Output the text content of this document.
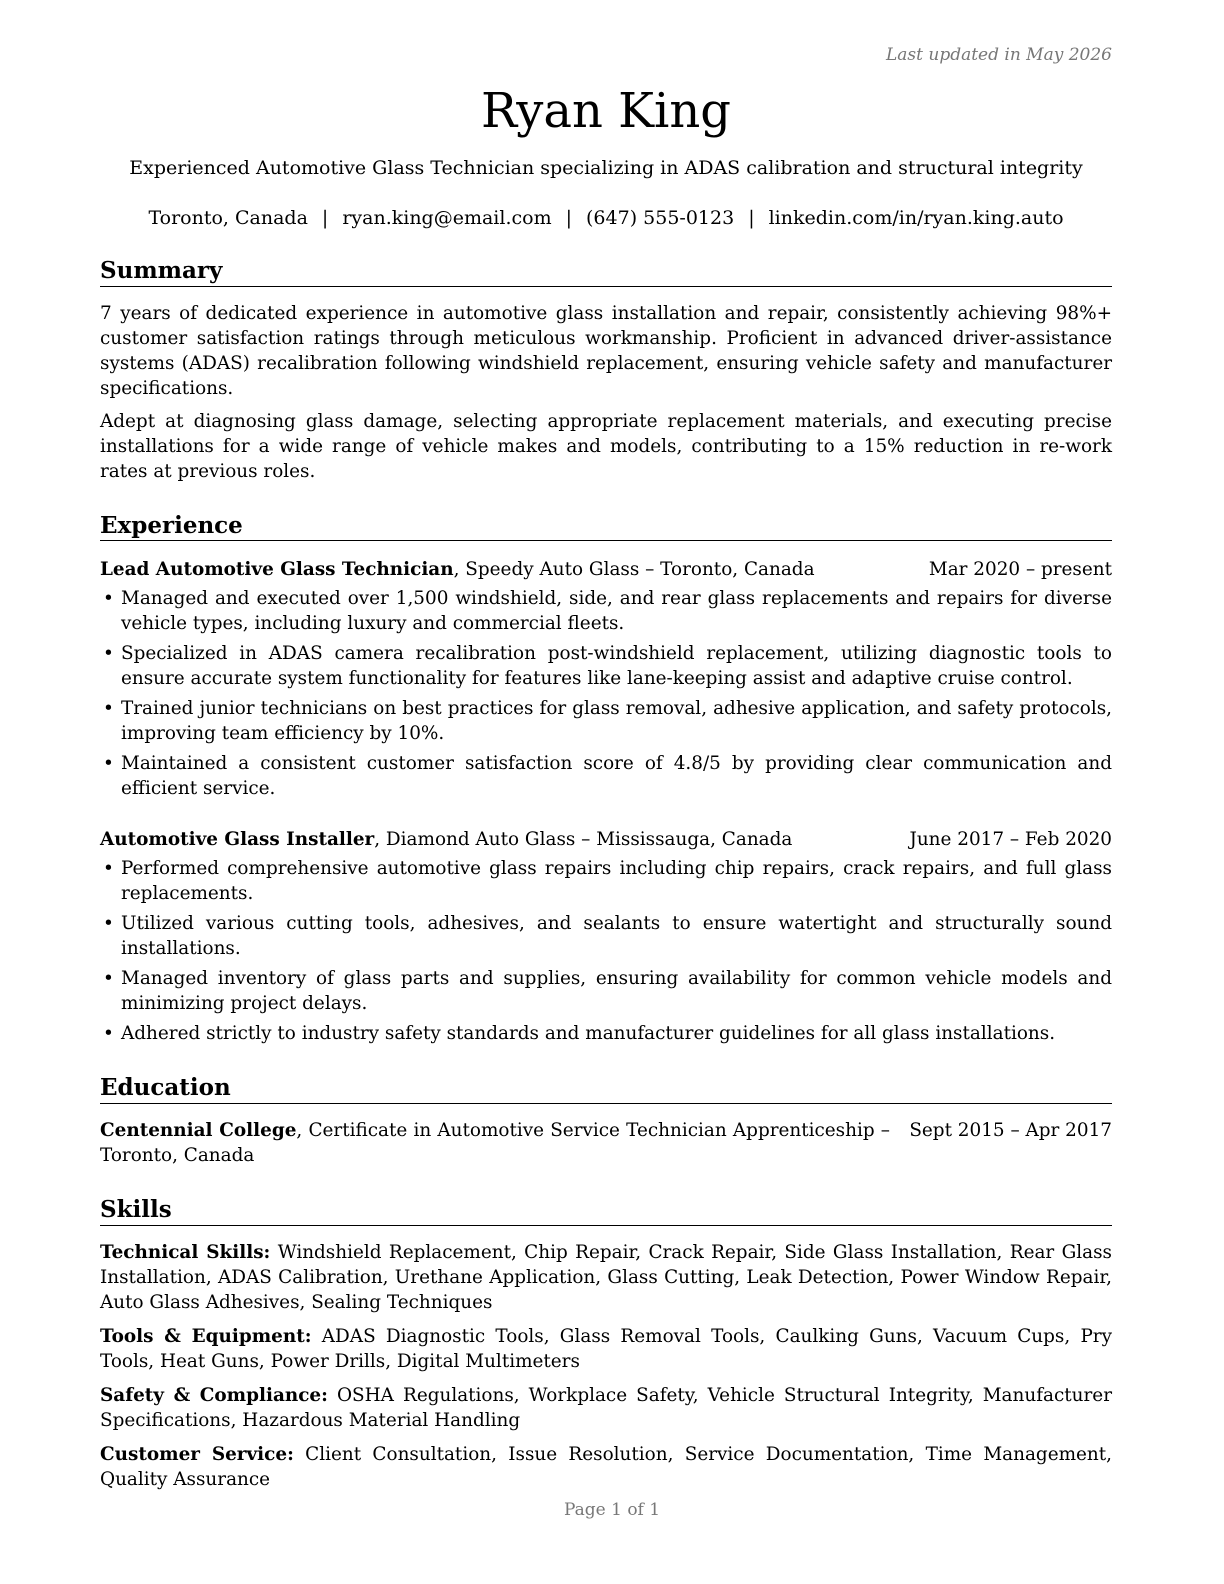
Last updated in May 2026
Ryan King
Experienced Automotive Glass Technician specializing in ADAS calibration and structural integrity
Toronto, Canada | ryan.king@email.com | (647) 555-0123 | linkedin.com/in/ryan.king.auto
Summary

7 years of dedicated experience in automotive glass installation and repair, consistently achieving 98%+ customer satisfaction ratings through meticulous workmanship. Proficient in advanced driver-assistance systems (ADAS) recalibration following windshield replacement, ensuring vehicle safety and manufacturer specifications.

Adept at diagnosing glass damage, selecting appropriate replacement materials, and executing precise installations for a wide range of vehicle makes and models, contributing to a 15% reduction in re-work rates at previous roles.

Experience
Lead Automotive Glass Technician, Speedy Auto Glass – Toronto, Canada	Mar 2020 – present
• Managed and executed over 1,500 windshield, side, and rear glass replacements and repairs for diverse vehicle types, including luxury and commercial fleets.
• Specialized in ADAS camera recalibration post-windshield replacement, utilizing diagnostic tools to ensure accurate system functionality for features like lane-keeping assist and adaptive cruise control.
• Trained junior technicians on best practices for glass removal, adhesive application, and safety protocols, improving team efficiency by 10%.
• Maintained a consistent customer satisfaction score of 4.8/5 by providing clear communication and efficient service.
Automotive Glass Installer, Diamond Auto Glass – Mississauga, Canada	June 2017 – Feb 2020
• Performed comprehensive automotive glass repairs including chip repairs, crack repairs, and full glass replacements.
• Utilized various cutting tools, adhesives, and sealants to ensure watertight and structurally sound installations.
• Managed inventory of glass parts and supplies, ensuring availability for common vehicle models and minimizing project delays.
• Adhered strictly to industry safety standards and manufacturer guidelines for all glass installations.
Education
Centennial College, Certificate in Automotive Service Technician Apprenticeship – Toronto, Canada
Sept 2015 – Apr 2017
Skills
Technical Skills: Windshield Replacement, Chip Repair, Crack Repair, Side Glass Installation, Rear Glass Installation, ADAS Calibration, Urethane Application, Glass Cutting, Leak Detection, Power Window Repair, Auto Glass Adhesives, Sealing Techniques
Tools & Equipment: ADAS Diagnostic Tools, Glass Removal Tools, Caulking Guns, Vacuum Cups, Pry Tools, Heat Guns, Power Drills, Digital Multimeters
Safety & Compliance: OSHA Regulations, Workplace Safety, Vehicle Structural Integrity, Manufacturer Specifications, Hazardous Material Handling
Customer Service: Client Consultation, Issue Resolution, Service Documentation, Time Management, Quality Assurance
Page 1 of 1
